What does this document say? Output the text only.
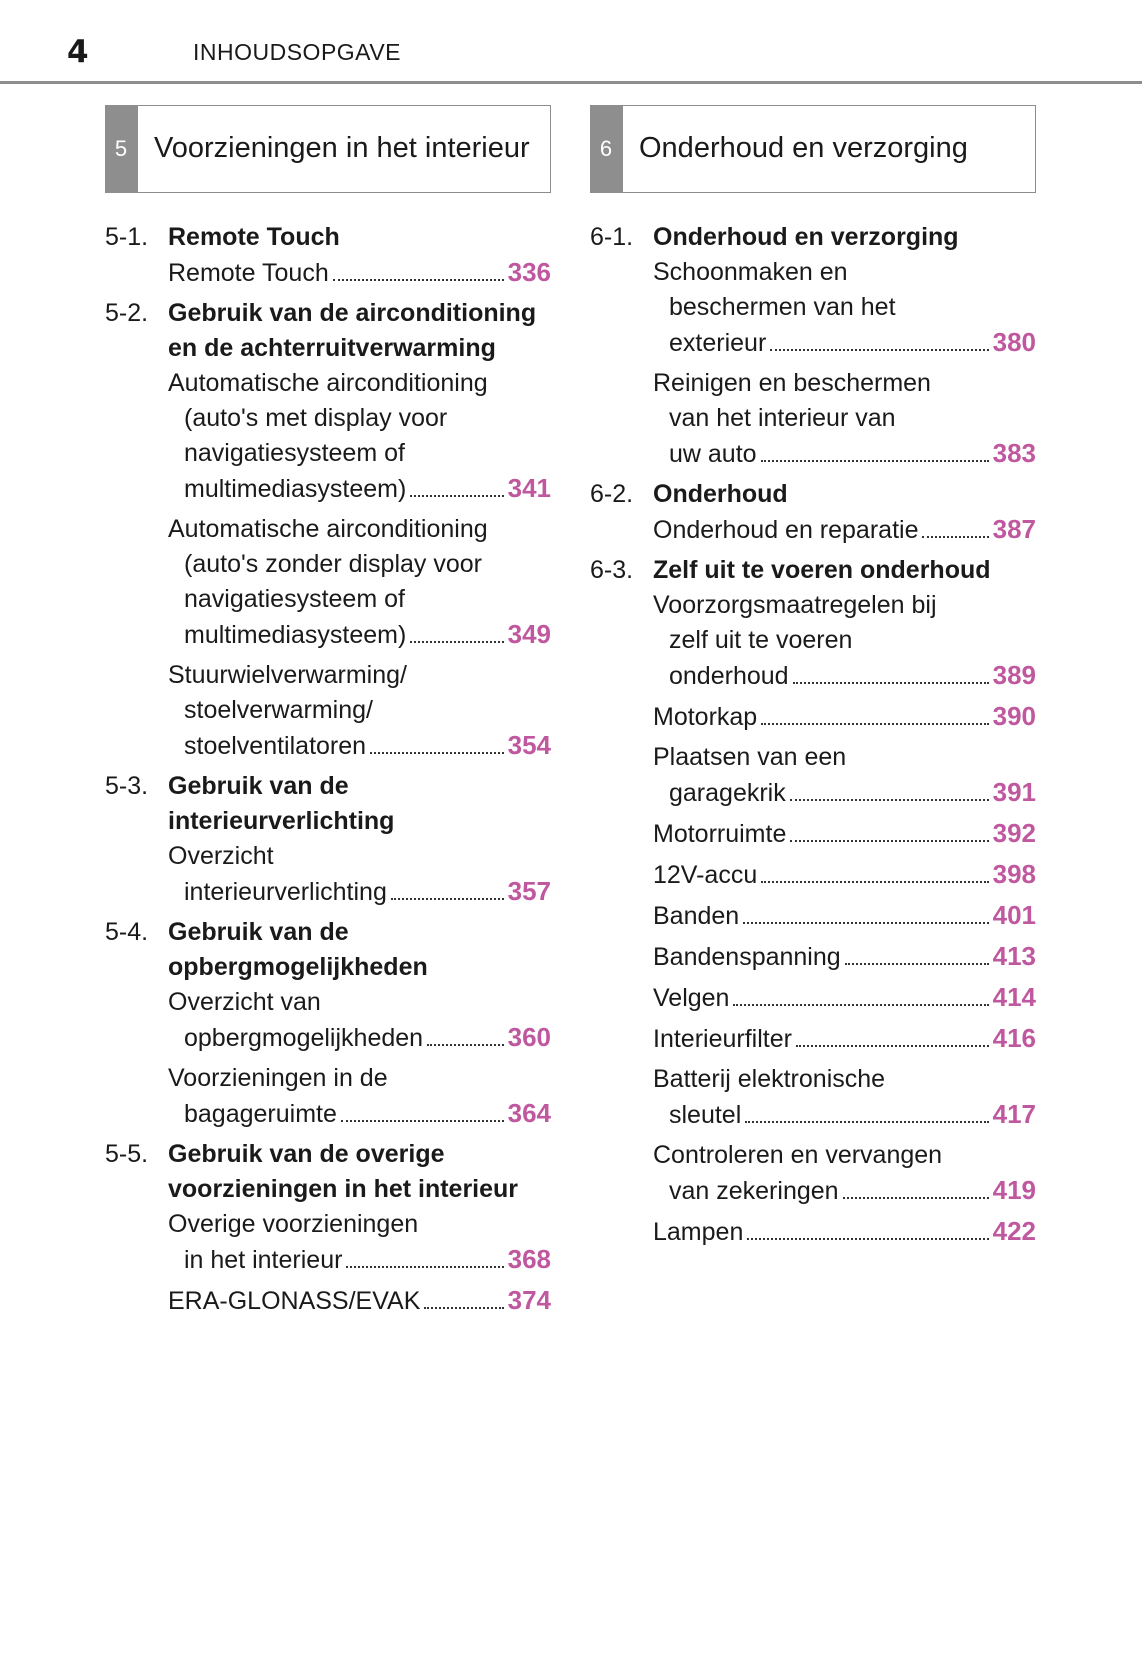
4	INHOUDSOPGAVE
5 Voorzieningen in het interieur
5-1. Remote Touch
Remote Touch	336
5-2. Gebruik van de airconditioning en de achterruitverwarming
Automatische airconditioning
(auto's met display voor
navigatiesysteem of
multimediasysteem)	341
Automatische airconditioning
(auto's zonder display voor
navigatiesysteem of
multimediasysteem)	349
Stuurwielverwarming/
stoelverwarming/
stoelventilatoren	354
5-3. Gebruik van de interieurverlichting
Overzicht
interieurverlichting	357
5-4. Gebruik van de opbergmogelijkheden
Overzicht van
opbergmogelijkheden	360
Voorzieningen in de
bagageruimte	364
5-5. Gebruik van de overige voorzieningen in het interieur
Overige voorzieningen
in het interieur	368
ERA-GLONASS/EVAK	374
6 Onderhoud en verzorging
6-1. Onderhoud en verzorging
Schoonmaken en
beschermen van het
exterieur	380
Reinigen en beschermen
van het interieur van
uw auto	383
6-2. Onderhoud
Onderhoud en reparatie	387
6-3. Zelf uit te voeren onderhoud
Voorzorgsmaatregelen bij
zelf uit te voeren
onderhoud	389
Motorkap	390
Plaatsen van een
garagekrik	391
Motorruimte	392
12V-accu	398
Banden	401
Bandenspanning	413
Velgen	414
Interieurfilter	416
Batterij elektronische
sleutel	417
Controleren en vervangen
van zekeringen	419
Lampen	422
